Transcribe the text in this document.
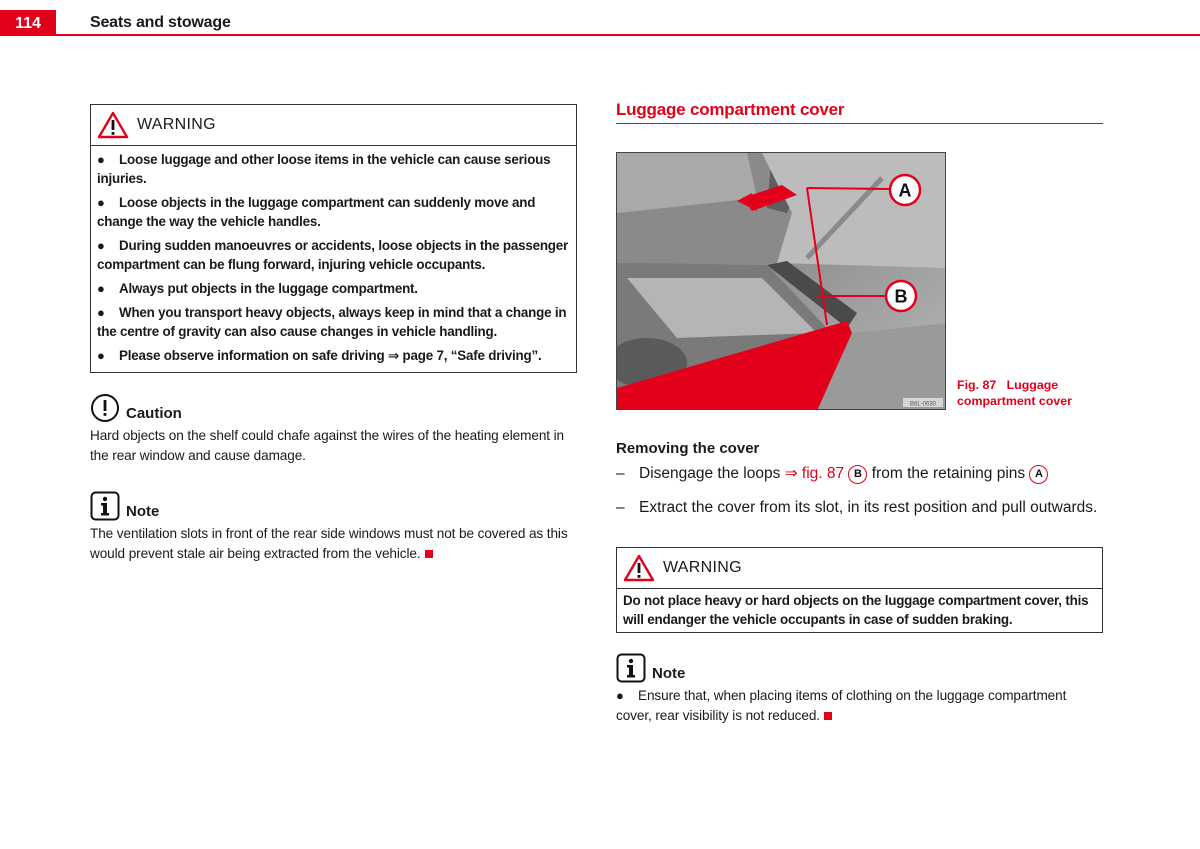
114	Seats and stowage
WARNING
● Loose luggage and other loose items in the vehicle can cause serious injuries.
● Loose objects in the luggage compartment can suddenly move and change the way the vehicle handles.
● During sudden manoeuvres or accidents, loose objects in the passenger compartment can be flung forward, injuring vehicle occupants.
● Always put objects in the luggage compartment.
● When you transport heavy objects, always keep in mind that a change in the centre of gravity can also cause changes in vehicle handling.
● Please observe information on safe driving ⇒ page 7, “Safe driving”.
Caution
Hard objects on the shelf could chafe against the wires of the heating element in the rear window and cause damage.
Note
The ventilation slots in front of the rear side windows must not be covered as this would prevent stale air being extracted from the vehicle.
Luggage compartment cover
A
B
B6L-0630
Fig. 87   Luggage
compartment cover
Removing the cover
– Disengage the loops ⇒ fig. 87 B from the retaining pins A
– Extract the cover from its slot, in its rest position and pull outwards.
WARNING
Do not place heavy or hard objects on the luggage compartment cover, this will endanger the vehicle occupants in case of sudden braking.
Note
● Ensure that, when placing items of clothing on the luggage compartment cover, rear visibility is not reduced.
